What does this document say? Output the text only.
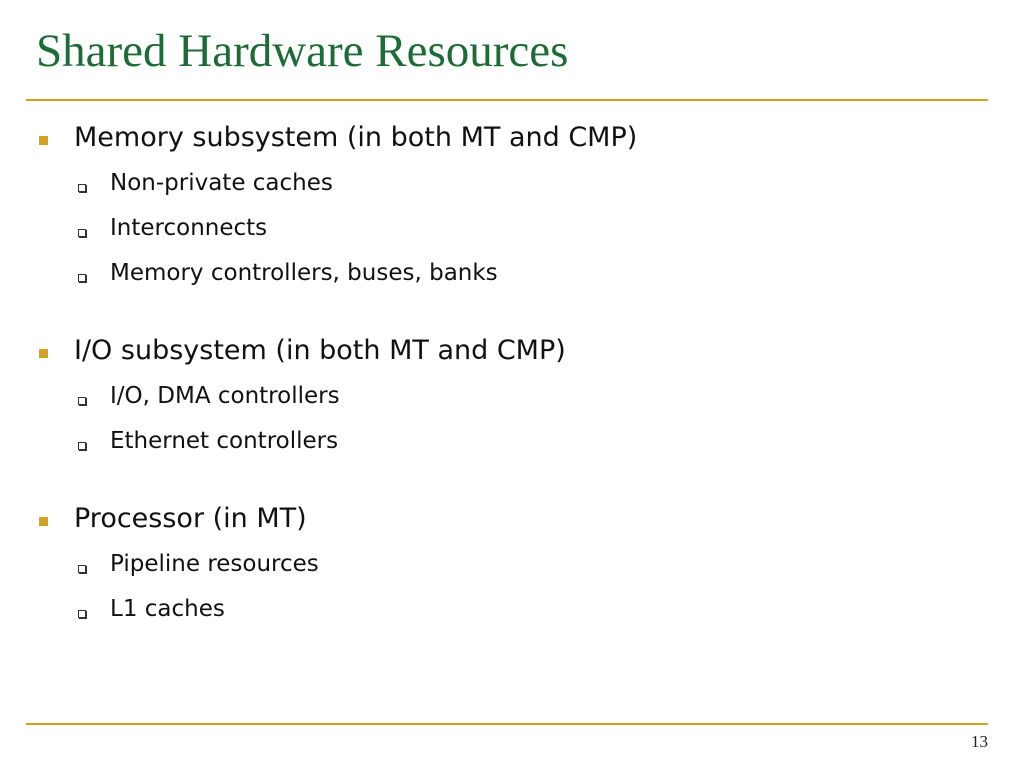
Shared Hardware Resources
Memory subsystem (in both MT and CMP)
Non-private caches
Interconnects
Memory controllers, buses, banks
I/O subsystem (in both MT and CMP)
I/O, DMA controllers
Ethernet controllers
Processor (in MT)
Pipeline resources
L1 caches
13
